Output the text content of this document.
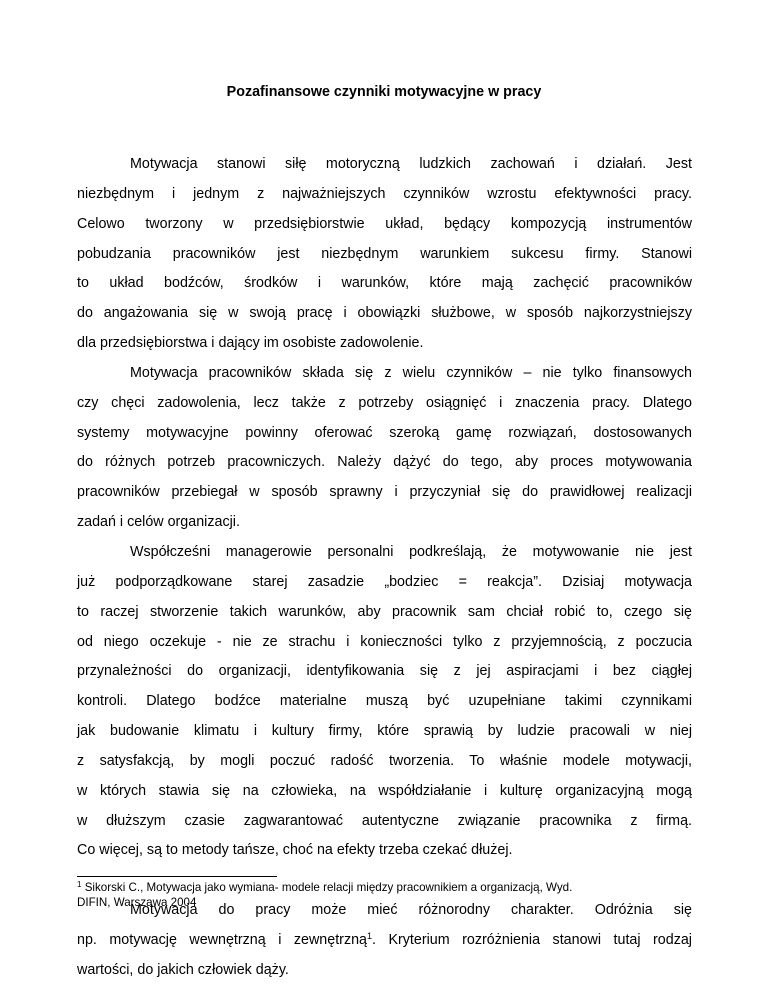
Pozafinansowe czynniki motywacyjne w pracy
Motywacja stanowi siłę motoryczną ludzkich zachowań i działań. Jest
niezbędnym i jednym z najważniejszych czynników wzrostu efektywności pracy.
Celowo tworzony w przedsiębiorstwie układ, będący kompozycją instrumentów
pobudzania pracowników jest niezbędnym warunkiem sukcesu firmy. Stanowi
to układ bodźców, środków i warunków, które mają zachęcić pracowników
do angażowania się w swoją pracę i obowiązki służbowe, w sposób najkorzystniejszy
dla przedsiębiorstwa i dający im osobiste zadowolenie.
Motywacja pracowników składa się z wielu czynników – nie tylko finansowych
czy chęci zadowolenia, lecz także z potrzeby osiągnięć i znaczenia pracy. Dlatego
systemy motywacyjne powinny oferować szeroką gamę rozwiązań, dostosowanych
do różnych potrzeb pracowniczych. Należy dążyć do tego, aby proces motywowania
pracowników przebiegał w sposób sprawny i przyczyniał się do prawidłowej realizacji
zadań i celów organizacji.
Współcześni managerowie personalni podkreślają, że motywowanie nie jest
już podporządkowane starej zasadzie „bodziec = reakcja”. Dzisiaj motywacja
to raczej stworzenie takich warunków, aby pracownik sam chciał robić to, czego się
od niego oczekuje - nie ze strachu i konieczności tylko z przyjemnością, z poczucia
przynależności do organizacji, identyfikowania się z jej aspiracjami i bez ciągłej
kontroli. Dlatego bodźce materialne muszą być uzupełniane takimi czynnikami
jak budowanie klimatu i kultury firmy, które sprawią by ludzie pracowali w niej
z satysfakcją, by mogli poczuć radość tworzenia. To właśnie modele motywacji,
w których stawia się na człowieka, na współdziałanie i kulturę organizacyjną mogą
w dłuższym czasie zagwarantować autentyczne związanie pracownika z firmą.
Co więcej, są to metody tańsze, choć na efekty trzeba czekać dłużej.
Motywacja do pracy może mieć różnorodny charakter. Odróżnia się
np. motywację wewnętrzną i zewnętrzną$^1$. Kryterium rozróżnienia stanowi tutaj rodzaj
wartości, do jakich człowiek dąży.
$^1$ Sikorski C., Motywacja jako wymiana- modele relacji między pracownikiem a organizacją, Wyd.
DIFIN, Warszawa 2004
